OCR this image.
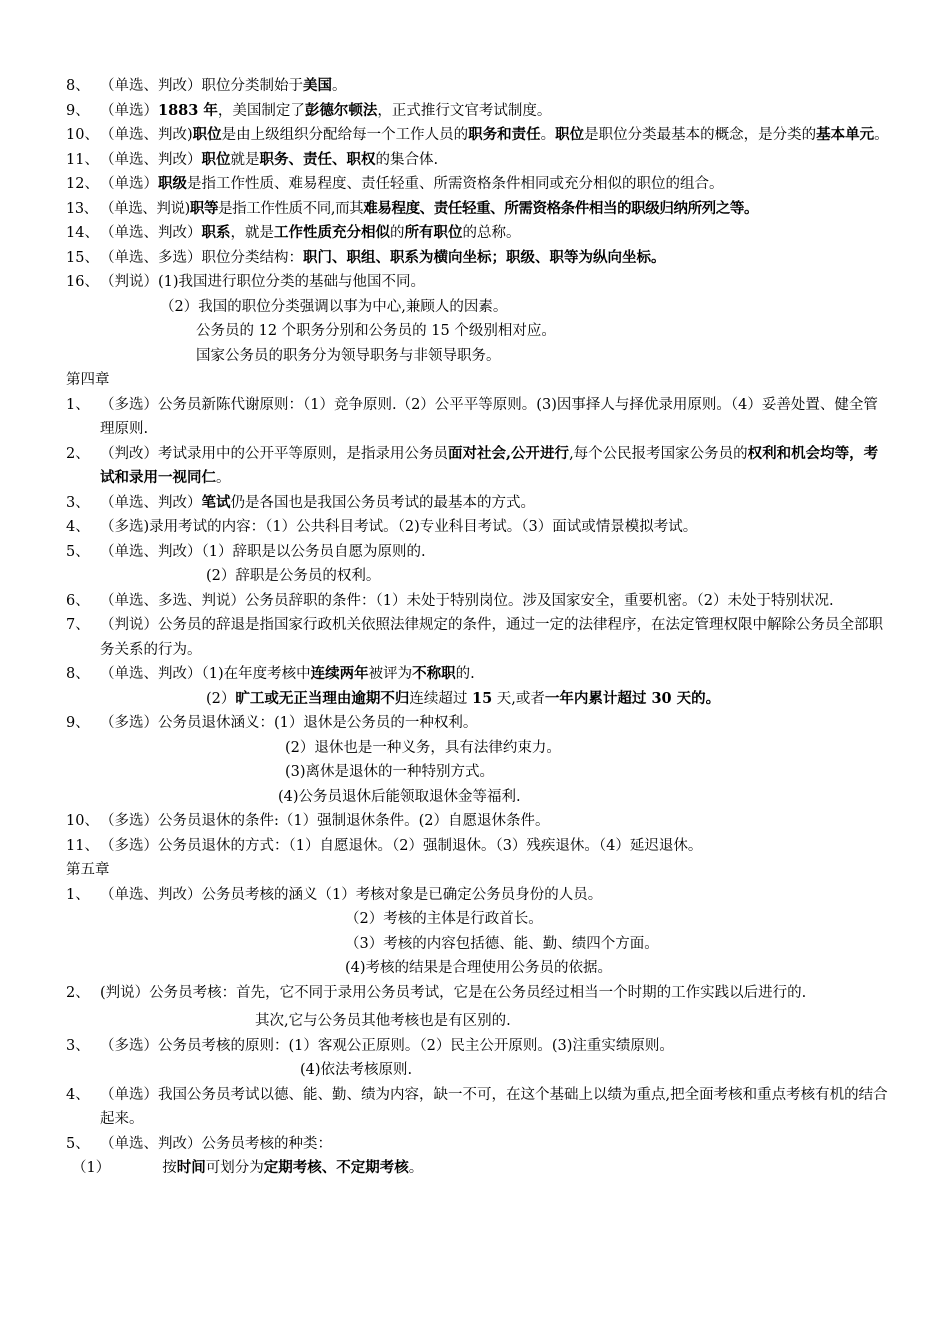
8、 （单选、判改）职位分类制始于美国。
9、 （单选）1883 年，美国制定了彭德尔顿法，正式推行文官考试制度。
10、 （单选、判改)职位是由上级组织分配给每一个工作人员的职务和责任。职位是职位分类最基本的概念，是分类的基本单元。
11、 （单选、判改）职位就是职务、责任、职权的集合体.
12、 （单选）职级是指工作性质、难易程度、责任轻重、所需资格条件相同或充分相似的职位的组合。
13、 （单选、判说)职等是指工作性质不同,而其难易程度、责任轻重、所需资格条件相当的职级归纳所列之等。
14、 （单选、判改）职系，就是工作性质充分相似的所有职位的总称。
15、 （单选、多选）职位分类结构：职门、职组、职系为横向坐标；职级、职等为纵向坐标。
16、 （判说）(1)我国进行职位分类的基础与他国不同。
（2）我国的职位分类强调以事为中心,兼顾人的因素。
公务员的 12 个职务分别和公务员的 15 个级别相对应。
国家公务员的职务分为领导职务与非领导职务。
第四章
1、 （多选）公务员新陈代谢原则：（1）竞争原则.（2）公平平等原则。(3)因事择人与择优录用原则。（4）妥善处置、健全管理原则.
2、 （判改）考试录用中的公开平等原则，是指录用公务员面对社会,公开进行,每个公民报考国家公务员的权利和机会均等，考试和录用一视同仁。
3、 （单选、判改）笔试仍是各国也是我国公务员考试的最基本的方式。
4、 （多选)录用考试的内容：（1）公共科目考试。（2)专业科目考试。（3）面试或情景模拟考试。
5、 （单选、判改）（1）辞职是以公务员自愿为原则的.
(2）辞职是公务员的权利。
6、 （单选、多选、判说）公务员辞职的条件：（1）未处于特别岗位。涉及国家安全，重要机密。（2）未处于特别状况.
7、 （判说）公务员的辞退是指国家行政机关依照法律规定的条件，通过一定的法律程序，在法定管理权限中解除公务员全部职务关系的行为。
8、 （单选、判改）（1)在年度考核中连续两年被评为不称职的.
(2）旷工或无正当理由逾期不归连续超过 15 天,或者一年内累计超过 30 天的。
9、 （多选）公务员退休涵义：(1）退休是公务员的一种权利。
(2）退休也是一种义务，具有法律约束力。
(3)离休是退休的一种特别方式。
(4)公务员退休后能领取退休金等福利.
10、 （多选）公务员退休的条件:（1）强制退休条件。(2）自愿退休条件。
11、 （多选）公务员退休的方式：（1）自愿退休。（2）强制退休。（3）残疾退休。（4）延迟退休。
第五章
1、 （单选、判改）公务员考核的涵义（1）考核对象是已确定公务员身份的人员。
（2）考核的主体是行政首长。
（3）考核的内容包括德、能、勤、绩四个方面。
(4)考核的结果是合理使用公务员的依据。
2、 (判说）公务员考核：首先，它不同于录用公务员考试，它是在公务员经过相当一个时期的工作实践以后进行的.
其次,它与公务员其他考核也是有区别的.
3、 （多选）公务员考核的原则：(1）客观公正原则。（2）民主公开原则。(3)注重实绩原则。
(4)依法考核原则.
4、 （单选）我国公务员考试以德、能、勤、绩为内容，缺一不可，在这个基础上以绩为重点,把全面考核和重点考核有机的结合起来。
5、 （单选、判改）公务员考核的种类：
（1）	按时间可划分为定期考核、不定期考核。
